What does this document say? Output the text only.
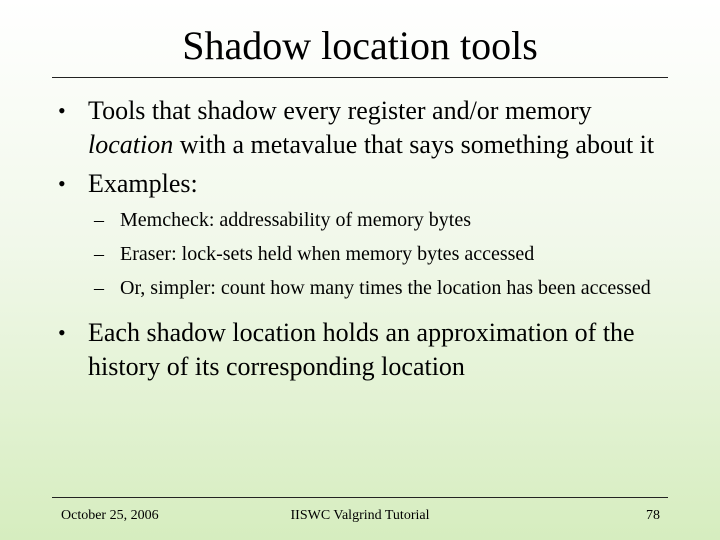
Shadow location tools
• Tools that shadow every register and/or memory location with a metavalue that says something about it
• Examples:
– Memcheck: addressability of memory bytes
– Eraser: lock-sets held when memory bytes accessed
– Or, simpler: count how many times the location has been accessed
• Each shadow location holds an approximation of the history of its corresponding location
October 25, 2006	IISWC Valgrind Tutorial	78
